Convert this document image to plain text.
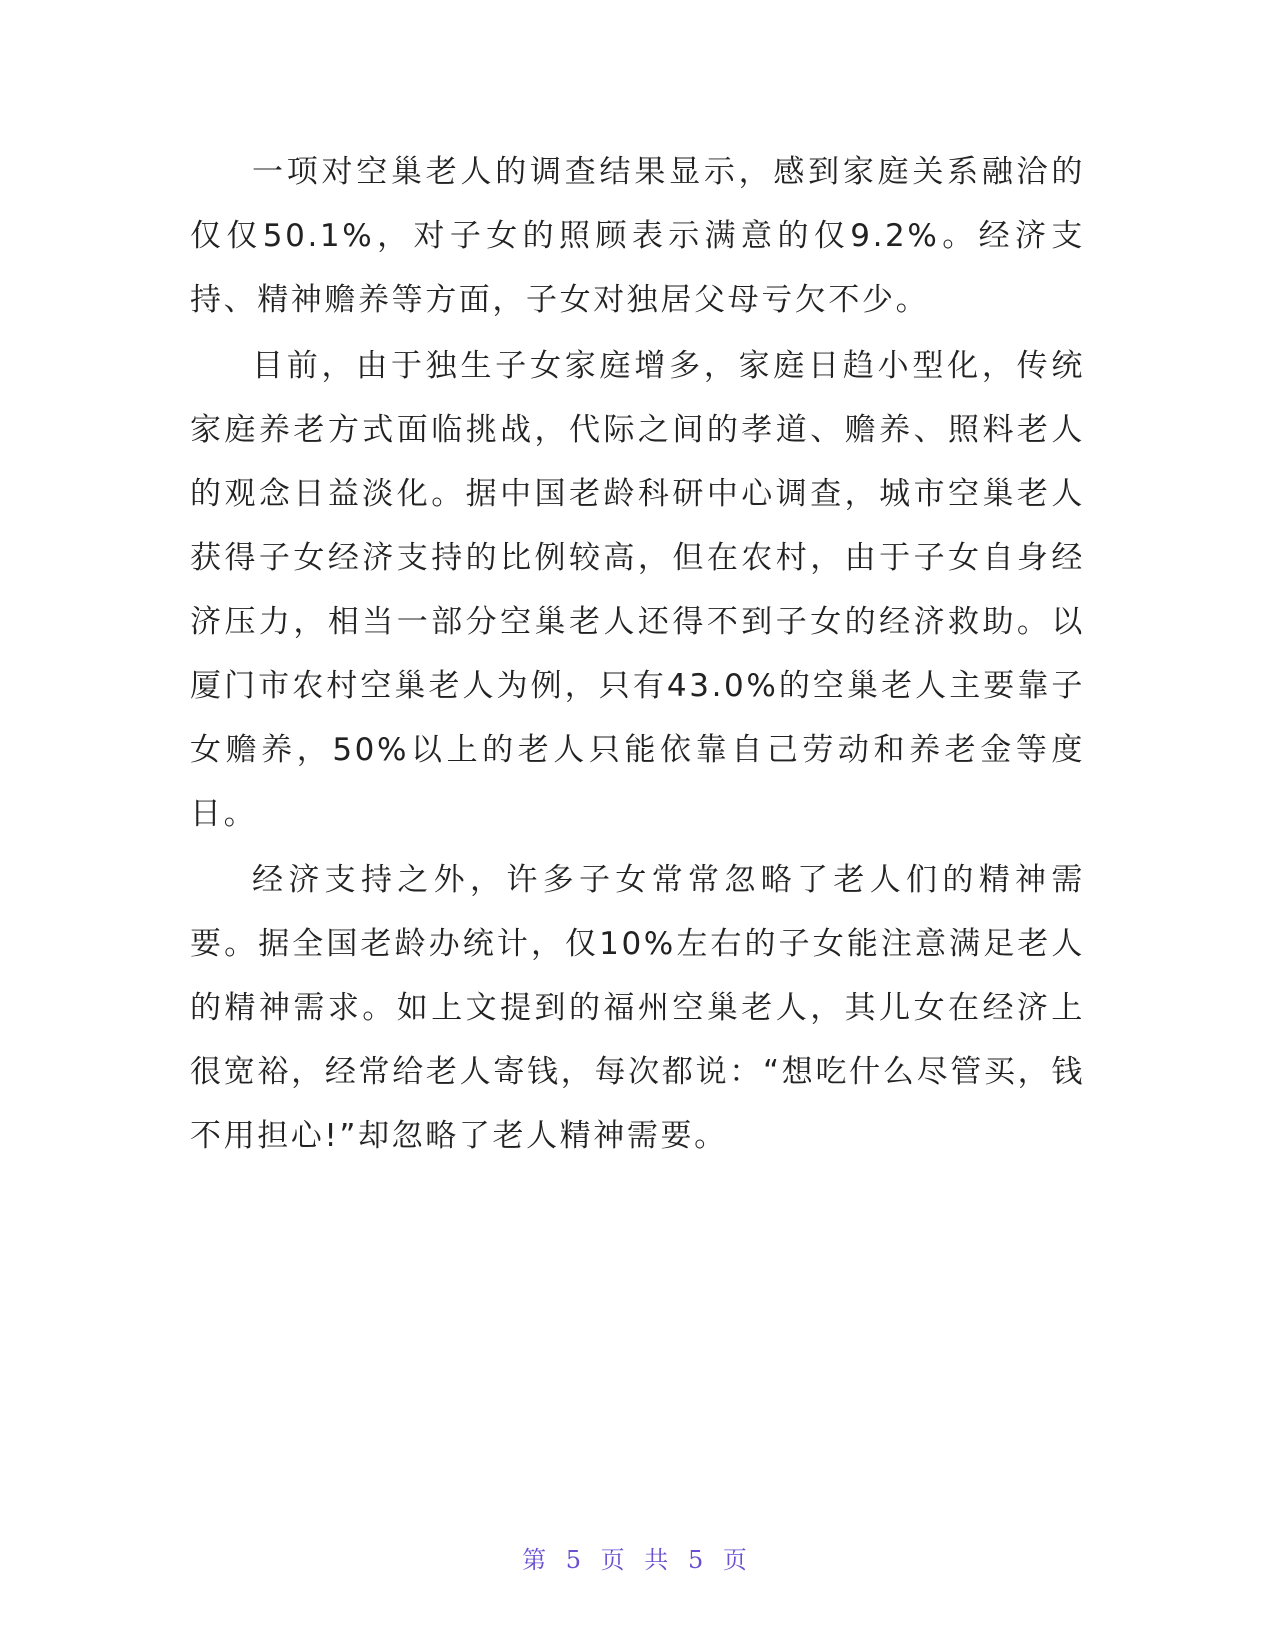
一项对空巢老人的调查结果显示，感到家庭关系融洽的仅仅50.1%，对子女的照顾表示满意的仅9.2%。经济支持、精神赡养等方面，子女对独居父母亏欠不少。

目前，由于独生子女家庭增多，家庭日趋小型化，传统家庭养老方式面临挑战，代际之间的孝道、赡养、照料老人的观念日益淡化。据中国老龄科研中心调查，城市空巢老人获得子女经济支持的比例较高，但在农村，由于子女自身经济压力，相当一部分空巢老人还得不到子女的经济救助。以厦门市农村空巢老人为例，只有43.0%的空巢老人主要靠子女赡养，50%以上的老人只能依靠自己劳动和养老金等度日。

经济支持之外，许多子女常常忽略了老人们的精神需要。据全国老龄办统计，仅10%左右的子女能注意满足老人的精神需求。如上文提到的福州空巢老人，其儿女在经济上很宽裕，经常给老人寄钱，每次都说：“想吃什么尽管买，钱不用担心!”却忽略了老人精神需要。

第 5 页 共 5 页
